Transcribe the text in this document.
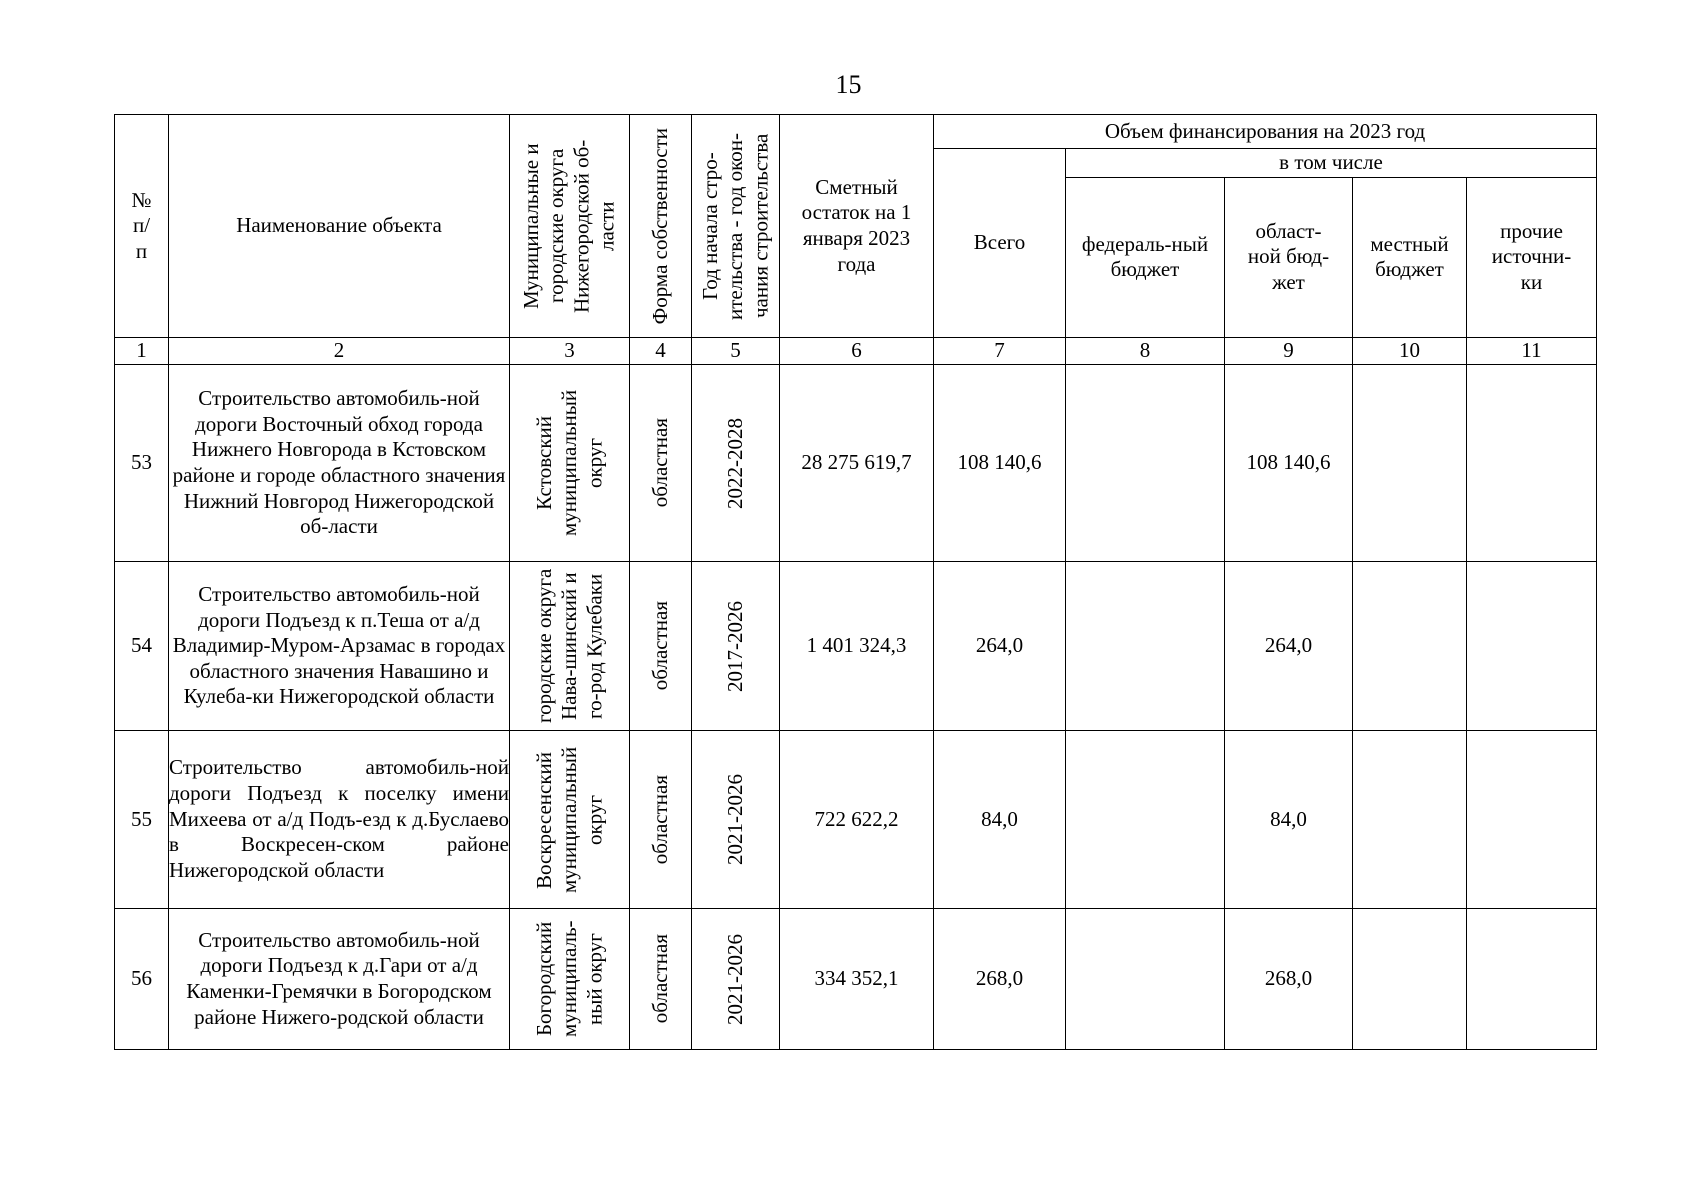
15
№ п/ п	Наименование объекта	Муниципальные и городские округа Нижегородской об-ласти	Форма собственности	Год начала стро-ительства - год окон-чания строительства	Сметный остаток на 1 января 2023 года	Объем финансирования на 2023 год				

						Всего	в том числе			

							федераль-ный бюджет	област-ной бюд-жет	местный бюджет	прочие источни-ки

1	2	3	4	5	6	7	8	9	10	11
53	Строительство автомобиль-ной дороги Восточный обход города Нижнего Новгорода в Кстовском районе и городе областного значения Нижний Новгород Нижегородской об-ласти	Кстовский муниципальный округ	областная	2022-2028	28 275 619,7	108 140,6		108 140,6		
54	Строительство автомобиль-ной дороги Подъезд к п.Теша от а/д Владимир-Муром-Арзамас в городах областного значения Навашино и Кулеба-ки Нижегородской области	городские округа Нава-шинский и го-род Кулебаки	областная	2017-2026	1 401 324,3	264,0		264,0		
55	Строительство автомобиль-ной дороги Подъезд к поселку имени Михеева от а/д Подъ-езд к д.Буслаево в Воскресен-ском районе Нижегородской области	Воскресенский муниципальный округ	областная	2021-2026	722 622,2	84,0		84,0		
56	Строительство автомобиль-ной дороги Подъезд к д.Гари от а/д Каменки-Гремячки в Богородском районе Нижего-родской области	Богородский муниципаль-ный округ	областная	2021-2026	334 352,1	268,0		268,0		
